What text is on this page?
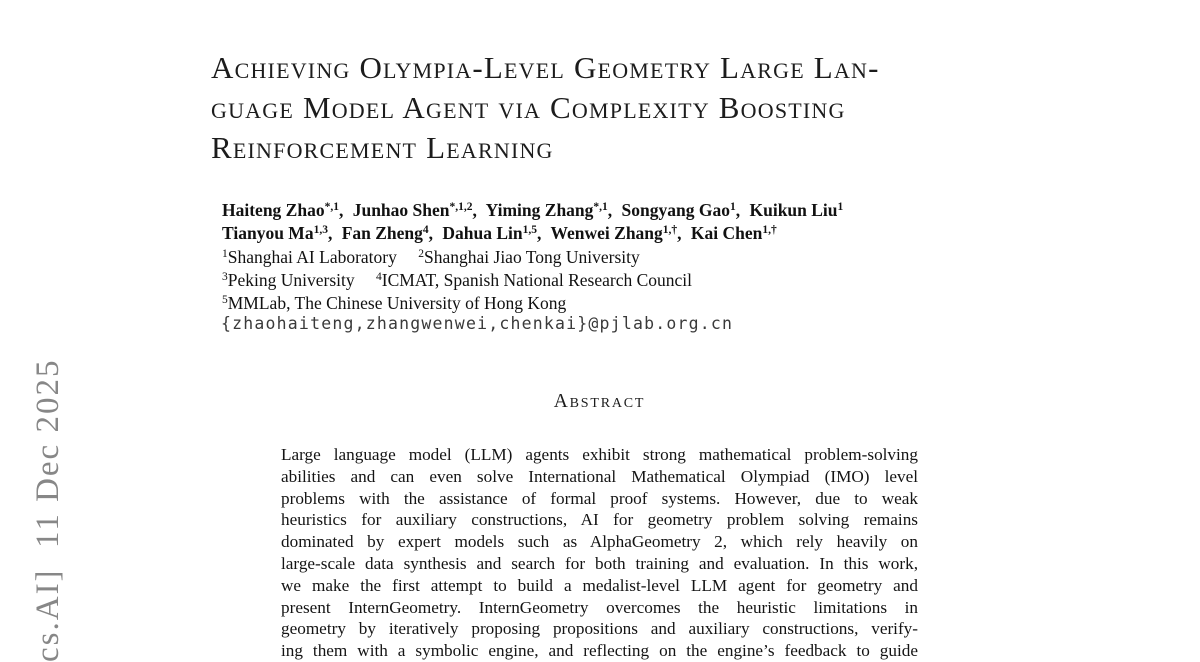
cs.AI]  11 Dec 2025
Achieving Olympia-Level Geometry Large Lan-
guage Model Agent via Complexity Boosting
Reinforcement Learning
Haiteng Zhao$^{*,1}$, Junhao Shen$^{*,1,2}$, Yiming Zhang$^{*,1}$, Songyang Gao$^1$, Kuikun Liu$^1$
Tianyou Ma$^{1,3}$, Fan Zheng$^4$, Dahua Lin$^{1,5}$, Wenwei Zhang$^{1,\dagger}$, Kai Chen$^{1,\dagger}$
$^1$Shanghai AI Laboratory $^2$Shanghai Jiao Tong University
$^3$Peking University $^4$ICMAT, Spanish National Research Council
$^5$MMLab, The Chinese University of Hong Kong
{zhaohaiteng,zhangwenwei,chenkai}@pjlab.org.cn
Abstract
Large language model (LLM) agents exhibit strong mathematical problem-solving
abilities and can even solve International Mathematical Olympiad (IMO) level
problems with the assistance of formal proof systems. However, due to weak
heuristics for auxiliary constructions, AI for geometry problem solving remains
dominated by expert models such as AlphaGeometry 2, which rely heavily on
large-scale data synthesis and search for both training and evaluation. In this work,
we make the first attempt to build a medalist-level LLM agent for geometry and
present InternGeometry. InternGeometry overcomes the heuristic limitations in
geometry by iteratively proposing propositions and auxiliary constructions, verify-
ing them with a symbolic engine, and reflecting on the engine’s feedback to guide
